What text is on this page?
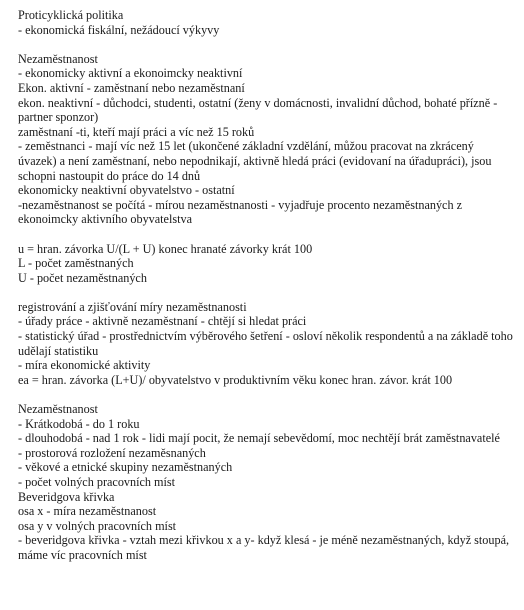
Proticyklická politika
- ekonomická fiskální, nežádoucí výkyvy
Nezaměstnanost
- ekonomicky aktivní a ekonoimcky neaktivní
Ekon. aktivní - zaměstnaní nebo nezaměstnaní
ekon. neaktivní - důchodci, studenti, ostatní (ženy v domácnosti, invalidní důchod, bohaté přízně - partner sponzor)
zaměstnaní -ti, kteří mají práci a víc než 15 roků
- zeměstnanci - mají víc než 15 let (ukončené základní vzdělání, můžou pracovat na zkrácený úvazek) a není zaměstnaní, nebo nepodnikají, aktivně hledá práci (evidovaní na úřadupráci), jsou schopni nastoupit do práce do 14 dnů
ekonomicky neaktivní obyvatelstvo - ostatní
-nezaměstnanost se počítá - mírou nezaměstnanosti - vyjadřuje procento nezaměstnaných z ekonoimcky aktivního obyvatelstva
u = hran. závorka U/(L + U) konec hranaté závorky krát 100
L - počet zaměstnaných
U - počet nezaměstnaných
registrování a zjišťování míry nezaměstnanosti
- úřady práce - aktivně nezaměstnaní - chtějí si hledat práci
- statistický úřad - prostřednictvím výběrového šetření - osloví několik respondentů a na základě toho udělají statistiku
- míra ekonomické aktivity
ea = hran. závorka (L+U)/ obyvatelstvo v produktivním věku konec hran. závor. krát 100
Nezaměstnanost
- Krátkodobá - do 1 roku
- dlouhodobá - nad 1 rok - lidi mají pocit, že nemají sebevědomí, moc nechtějí brát zaměstnavatelé
- prostorová rozložení nezaměsnaných
- věkové a etnické skupiny nezaměstnaných
- počet volných pracovních míst
Beveridgova křivka
osa x - míra nezaměstnanost
osa y v volných pracovních míst
- beveridgova křivka - vztah mezi křivkou x a y- když klesá - je méně nezaměstnaných, když stoupá, máme víc pracovních míst
